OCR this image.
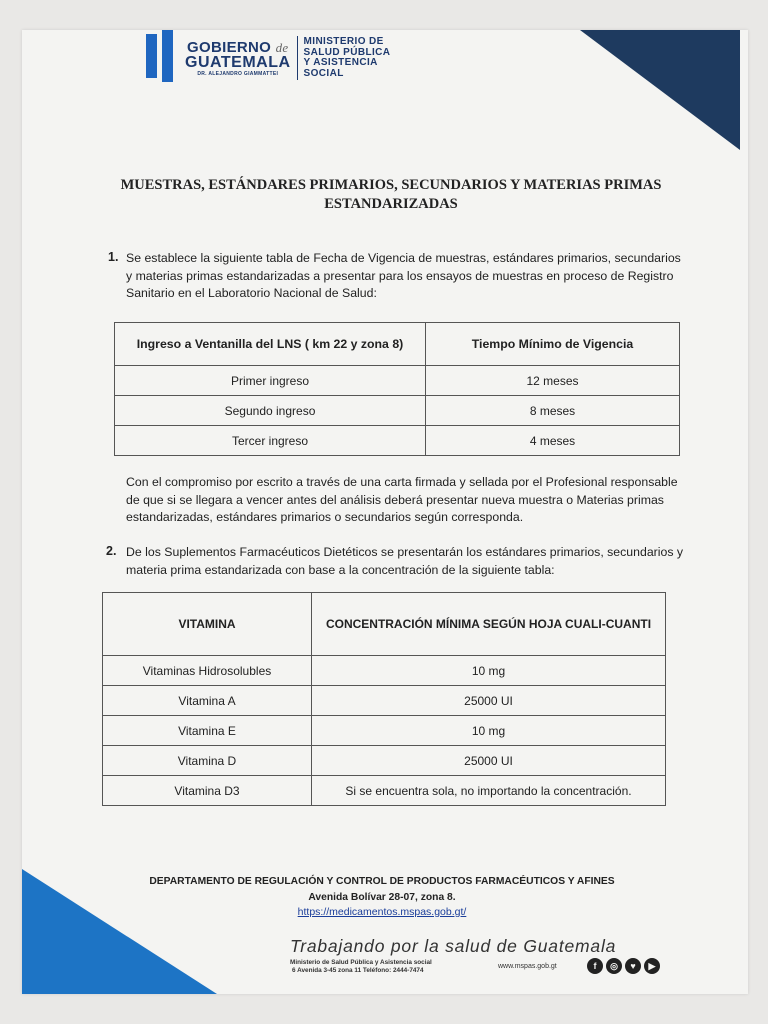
GOBIERNO de
GUATEMALA
DR. ALEJANDRO GIAMMATTEI
MINISTERIO DE
SALUD PÚBLICA
Y ASISTENCIA
SOCIAL
MUESTRAS, ESTÁNDARES PRIMARIOS, SECUNDARIOS Y MATERIAS PRIMAS
ESTANDARIZADAS
1. Se establece la siguiente tabla de Fecha de Vigencia de muestras, estándares primarios, secundarios
y materias primas estandarizadas a presentar para los ensayos de muestras en proceso de Registro
Sanitario en el Laboratorio Nacional de Salud:
Ingreso a Ventanilla del LNS ( km 22 y zona 8)	Tiempo Mínimo de Vigencia
Primer ingreso	12 meses
Segundo ingreso	8 meses
Tercer ingreso	4 meses
Con el compromiso por escrito a través de una carta firmada y sellada por el Profesional responsable
de que si se llegara a vencer antes del análisis deberá presentar nueva muestra o Materias primas
estandarizadas, estándares primarios o secundarios según corresponda.
2. De los Suplementos Farmacéuticos Dietéticos se presentarán los estándares primarios, secundarios y
materia prima estandarizada con base a la concentración de la siguiente tabla:
VITAMINA	CONCENTRACIÓN MÍNIMA SEGÚN HOJA CUALI-CUANTI
Vitaminas Hidrosolubles	10 mg
Vitamina A	25000 UI
Vitamina E	10 mg
Vitamina D	25000 UI
Vitamina D3	Si se encuentra sola, no importando la concentración.
DEPARTAMENTO DE REGULACIÓN Y CONTROL DE PRODUCTOS FARMACÉUTICOS Y AFINES
Avenida Bolívar 28-07, zona 8.
https://medicamentos.mspas.gob.gt/
Trabajando por la salud de Guatemala
Ministerio de Salud Pública y Asistencia social
6 Avenida 3-45 zona 11 Teléfono: 2444-7474
www.mspas.gob.gt	f	◎	♥	▶
